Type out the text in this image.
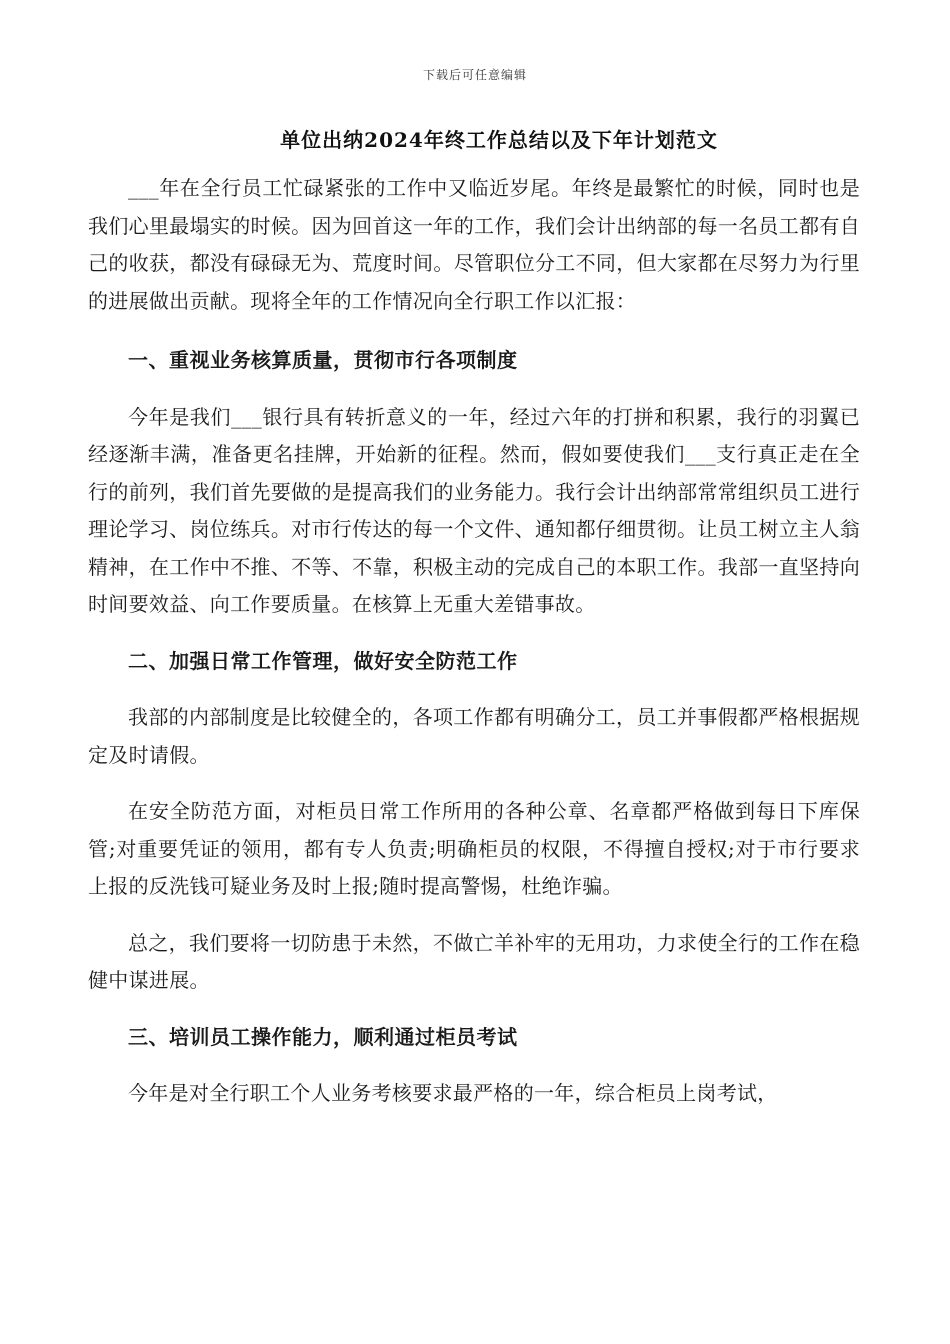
下载后可任意编辑
单位出纳2024年终工作总结以及下年计划范文

___年在全行员工忙碌紧张的工作中又临近岁尾。年终是最繁忙的时候，同时也是我们心里最塌实的时候。因为回首这一年的工作，我们会计出纳部的每一名员工都有自己的收获，都没有碌碌无为、荒度时间。尽管职位分工不同，但大家都在尽努力为行里的进展做出贡献。现将全年的工作情况向全行职工作以汇报：

一、重视业务核算质量，贯彻市行各项制度

今年是我们___银行具有转折意义的一年，经过六年的打拼和积累，我行的羽翼已经逐渐丰满，准备更名挂牌，开始新的征程。然而，假如要使我们___支行真正走在全行的前列，我们首先要做的是提高我们的业务能力。我行会计出纳部常常组织员工进行理论学习、岗位练兵。对市行传达的每一个文件、通知都仔细贯彻。让员工树立主人翁精神，在工作中不推、不等、不靠，积极主动的完成自己的本职工作。我部一直坚持向时间要效益、向工作要质量。在核算上无重大差错事故。

二、加强日常工作管理，做好安全防范工作

我部的内部制度是比较健全的，各项工作都有明确分工，员工并事假都严格根据规定及时请假。

在安全防范方面，对柜员日常工作所用的各种公章、名章都严格做到每日下库保管;对重要凭证的领用，都有专人负责;明确柜员的权限，不得擅自授权;对于市行要求上报的反洗钱可疑业务及时上报;随时提高警惕，杜绝诈骗。

总之，我们要将一切防患于未然，不做亡羊补牢的无用功，力求使全行的工作在稳健中谋进展。

三、培训员工操作能力，顺利通过柜员考试

今年是对全行职工个人业务考核要求最严格的一年，综合柜员上岗考试，
